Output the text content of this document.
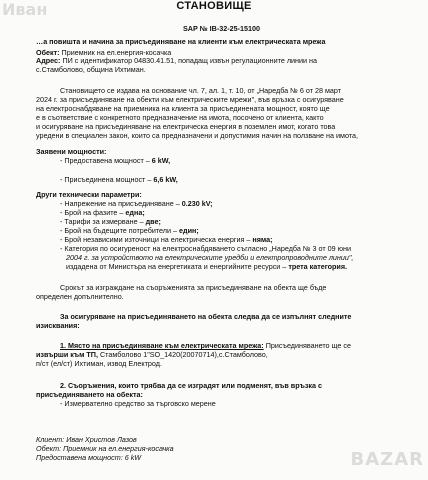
Иван	СТАНОВИЩЕ
SAP № IB-32-25-15100
…а повишта и начина за присъединяване на клиенти към електрическата мрежа
Обект: Приемник на ел.енергия-косачка
Адрес: ПИ с идентификатор 04830.41.51, попадащ извън регулационните линии на
с.Стамболово, община Ихтиман.
Становището се издава на основание чл. 7, ал. 1, т. 10, от „Наредба № 6 от 28 март
2024 г. за присъединяване на обекти към електрическите мрежи", във връзка с осигуряване
на електроснабдяване на приемника на клиента за присъединената мощност, която ще
е в съответствие с конкретното предназначение на имота, посочено от клиента, както
и осигуряване на присъединяване на електрическа енергия в поземлен имот, когато това
уредени в специален закон, които са предназначени и допустимия начин на ползване на имота,
Заявени мощности:
- Предоставена мощност – 6 kW,
- Присъединена мощност – 6,6 kW,
Други технически параметри:
- Напрежение на присъединяване – 0.230 kV;
- Брой на фазите – една;
- Тарифи за измерване – две;
- Брой на бъдещите потребители – един;
- Брой независими източници на електрическа енергия – няма;
- Категория по осигуреност на електроснабдяването съгласно „Наредба № 3 от 09 юни
2004 г. за устройството на електрическите уредби и електропроводните линии",
издадена от Министъра на енергетиката и енергийните ресурси – трета категория.
Срокът за изграждане на съоръженията за присъединяване на обекта ще бъде
определен допълнително.
За осигуряване на присъединяването на обекта следва да се изпълнят следните
изисквания:
1. Място на присъединяване към електрическата мрежа: Присъединяването ще се
извърши към ТП, Стамболово 1"SO_1420(20070714),с.Стамболово,
п/ст (ел/ст) Ихтиман, извод Електрод.
2. Съоръжения, които трябва да се изградят или подменят, във връзка с
присъединяването на обекта:
- Измервателно средство за търговско мерене
Клиент: Иван Христов Лазов
Обект: Приемник на ел.енергия-косачка
Предоставена мощност: 6 kW	BAZAR
